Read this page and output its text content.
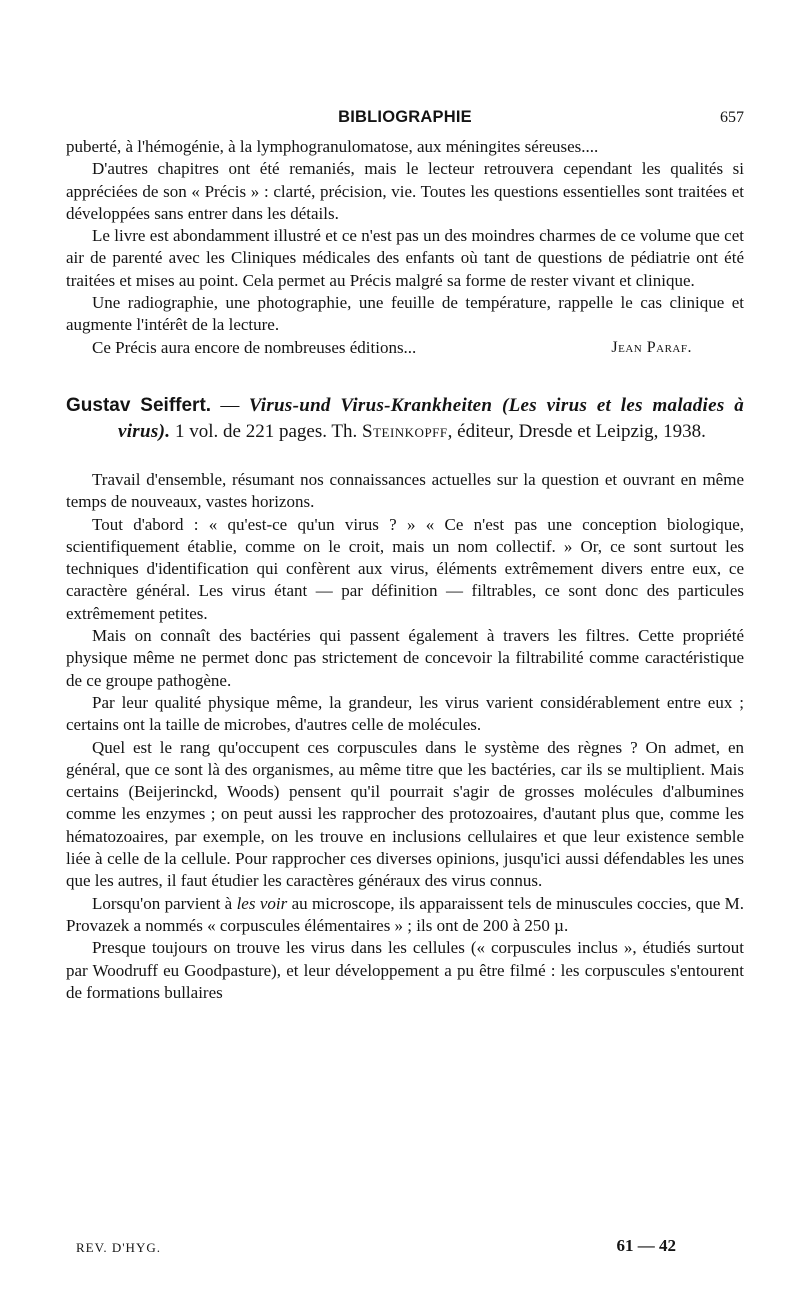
BIBLIOGRAPHIE	657

puberté, à l'hémogénie, à la lymphogranulomatose, aux méningites séreuses....

D'autres chapitres ont été remaniés, mais le lecteur retrouvera cependant les qualités si appréciées de son « Précis » : clarté, précision, vie. Toutes les questions essentielles sont traitées et développées sans entrer dans les détails.

Le livre est abondamment illustré et ce n'est pas un des moindres charmes de ce volume que cet air de parenté avec les Cliniques médicales des enfants où tant de questions de pédiatrie ont été traitées et mises au point. Cela permet au Précis malgré sa forme de rester vivant et clinique.

Une radiographie, une photographie, une feuille de température, rappelle le cas clinique et augmente l'intérêt de la lecture.

Ce Précis aura encore de nombreuses éditions...	Jean Paraf.
Gustav Seiffert. — Virus-und Virus-Krankheiten (Les virus et les maladies à virus). 1 vol. de 221 pages. Th. Steinkopff, éditeur, Dresde et Leipzig, 1938.

Travail d'ensemble, résumant nos connaissances actuelles sur la question et ouvrant en même temps de nouveaux, vastes horizons.

Tout d'abord : « qu'est-ce qu'un virus ? » « Ce n'est pas une conception biologique, scientifiquement établie, comme on le croit, mais un nom collectif. » Or, ce sont surtout les techniques d'identification qui confèrent aux virus, éléments extrêmement divers entre eux, ce caractère général. Les virus étant — par définition — filtrables, ce sont donc des particules extrêmement petites.

Mais on connaît des bactéries qui passent également à travers les filtres. Cette propriété physique même ne permet donc pas strictement de concevoir la filtrabilité comme caractéristique de ce groupe pathogène.

Par leur qualité physique même, la grandeur, les virus varient considérablement entre eux ; certains ont la taille de microbes, d'autres celle de molécules.

Quel est le rang qu'occupent ces corpuscules dans le système des règnes ? On admet, en général, que ce sont là des organismes, au même titre que les bactéries, car ils se multiplient. Mais certains (Beijerinckd, Woods) pensent qu'il pourrait s'agir de grosses molécules d'albumines comme les enzymes ; on peut aussi les rapprocher des protozoaires, d'autant plus que, comme les hématozoaires, par exemple, on les trouve en inclusions cellulaires et que leur existence semble liée à celle de la cellule. Pour rapprocher ces diverses opinions, jusqu'ici aussi défendables les unes que les autres, il faut étudier les caractères généraux des virus connus.

Lorsqu'on parvient à les voir au microscope, ils apparaissent tels de minuscules coccies, que M. Provazek a nommés « corpuscules élémentaires » ; ils ont de 200 à 250 µ.

Presque toujours on trouve les virus dans les cellules (« corpuscules inclus », étudiés surtout par Woodruff eu Goodpasture), et leur développement a pu être filmé : les corpuscules s'entourent de formations bullaires

REV. D'HYG.	61 — 42
